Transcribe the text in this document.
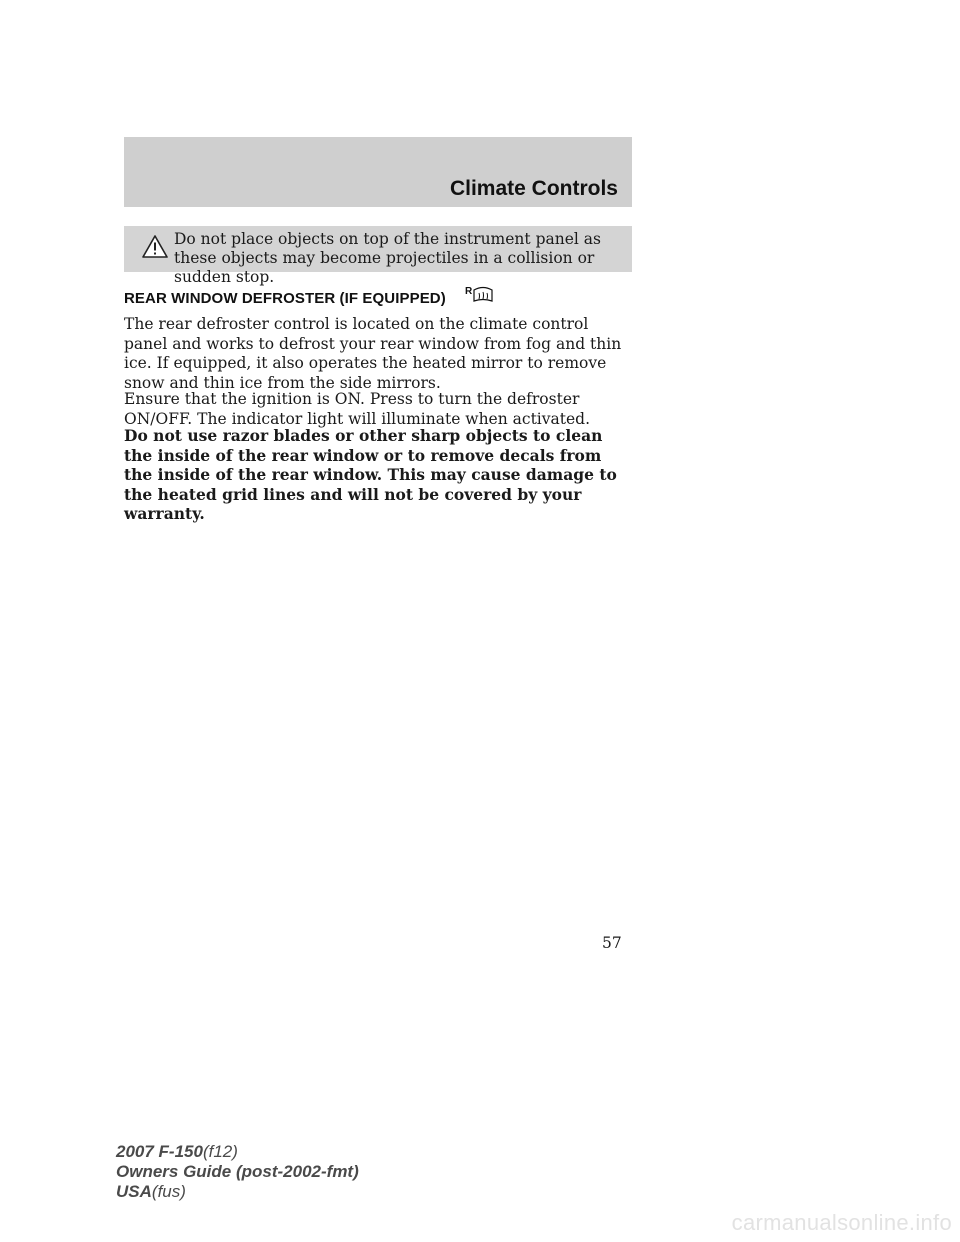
Climate Controls
Do not place objects on top of the instrument panel as these objects may become projectiles in a collision or sudden stop.
REAR WINDOW DEFROSTER (IF EQUIPPED) R
The rear defroster control is located on the climate control panel and works to defrost your rear window from fog and thin ice. If equipped, it also operates the heated mirror to remove snow and thin ice from the side mirrors.
Ensure that the ignition is ON. Press to turn the defroster ON/OFF. The indicator light will illuminate when activated.
Do not use razor blades or other sharp objects to clean the inside of the rear window or to remove decals from the inside of the rear window. This may cause damage to the heated grid lines and will not be covered by your warranty.
57
2007 F-150(f12)
Owners Guide (post-2002-fmt)
USA(fus)
carmanualsonline.info
